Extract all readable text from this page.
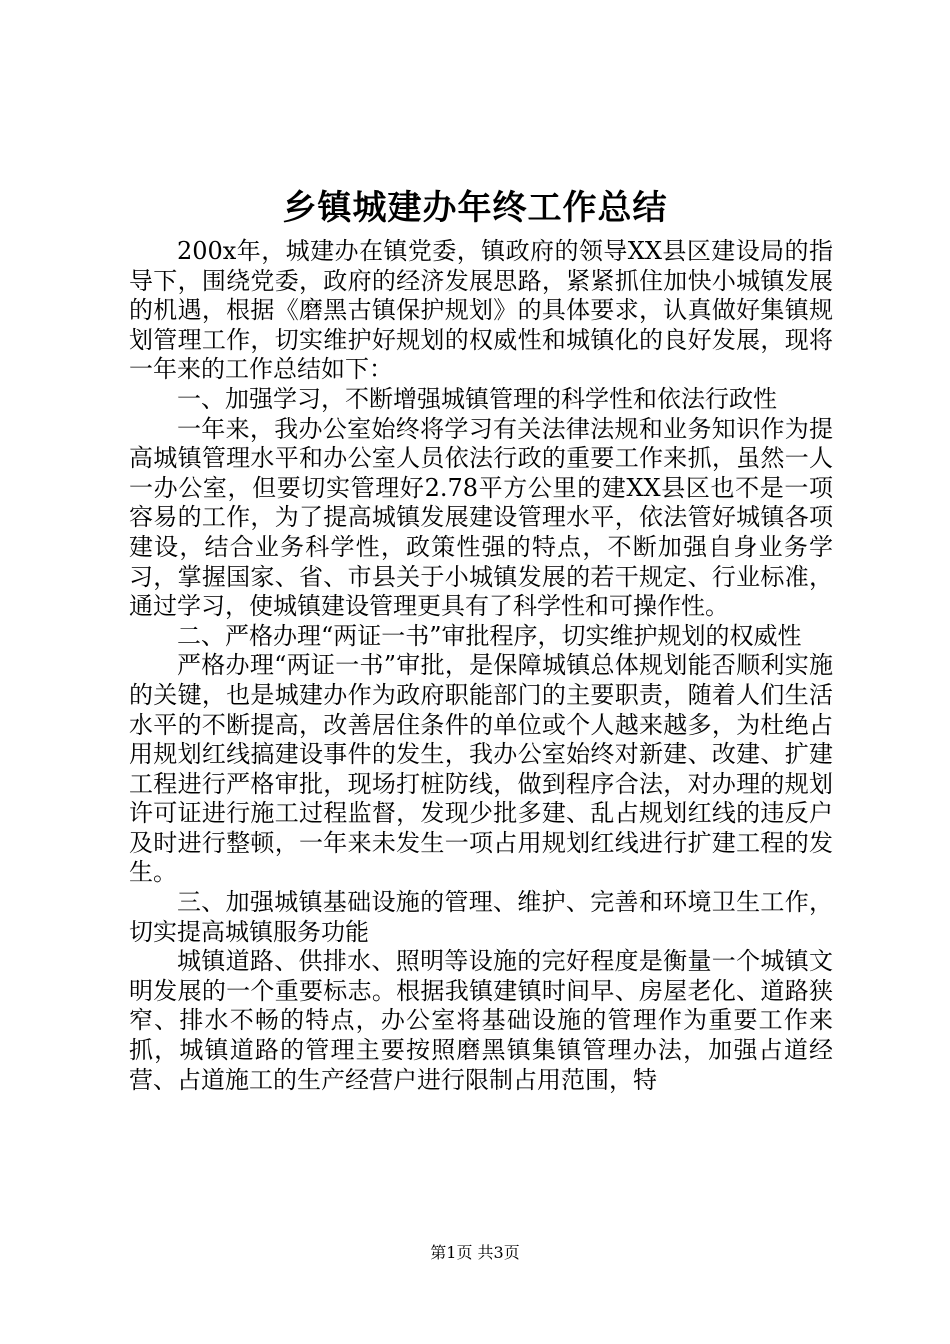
乡镇城建办年终工作总结

200x年，城建办在镇党委，镇政府的领导XX县区建设局的指导下，围绕党委，政府的经济发展思路，紧紧抓住加快小城镇发展的机遇，根据《磨黑古镇保护规划》的具体要求，认真做好集镇规划管理工作，切实维护好规划的权威性和城镇化的良好发展，现将一年来的工作总结如下：

一、加强学习，不断增强城镇管理的科学性和依法行政性

一年来，我办公室始终将学习有关法律法规和业务知识作为提高城镇管理水平和办公室人员依法行政的重要工作来抓，虽然一人一办公室，但要切实管理好2.78平方公里的建XX县区也不是一项容易的工作，为了提高城镇发展建设管理水平，依法管好城镇各项建设，结合业务科学性，政策性强的特点，不断加强自身业务学习，掌握国家、省、市县关于小城镇发展的若干规定、行业标准，通过学习，使城镇建设管理更具有了科学性和可操作性。

二、严格办理“两证一书”审批程序，切实维护规划的权威性

严格办理“两证一书”审批，是保障城镇总体规划能否顺利实施的关键，也是城建办作为政府职能部门的主要职责，随着人们生活水平的不断提高，改善居住条件的单位或个人越来越多，为杜绝占用规划红线搞建设事件的发生，我办公室始终对新建、改建、扩建工程进行严格审批，现场打桩防线，做到程序合法，对办理的规划许可证进行施工过程监督，发现少批多建、乱占规划红线的违反户及时进行整顿，一年来未发生一项占用规划红线进行扩建工程的发生。

三、加强城镇基础设施的管理、维护、完善和环境卫生工作，切实提高城镇服务功能

城镇道路、供排水、照明等设施的完好程度是衡量一个城镇文明发展的一个重要标志。根据我镇建镇时间早、房屋老化、道路狭窄、排水不畅的特点，办公室将基础设施的管理作为重要工作来抓，城镇道路的管理主要按照磨黑镇集镇管理办法，加强占道经营、占道施工的生产经营户进行限制占用范围，特

第1页 共3页
